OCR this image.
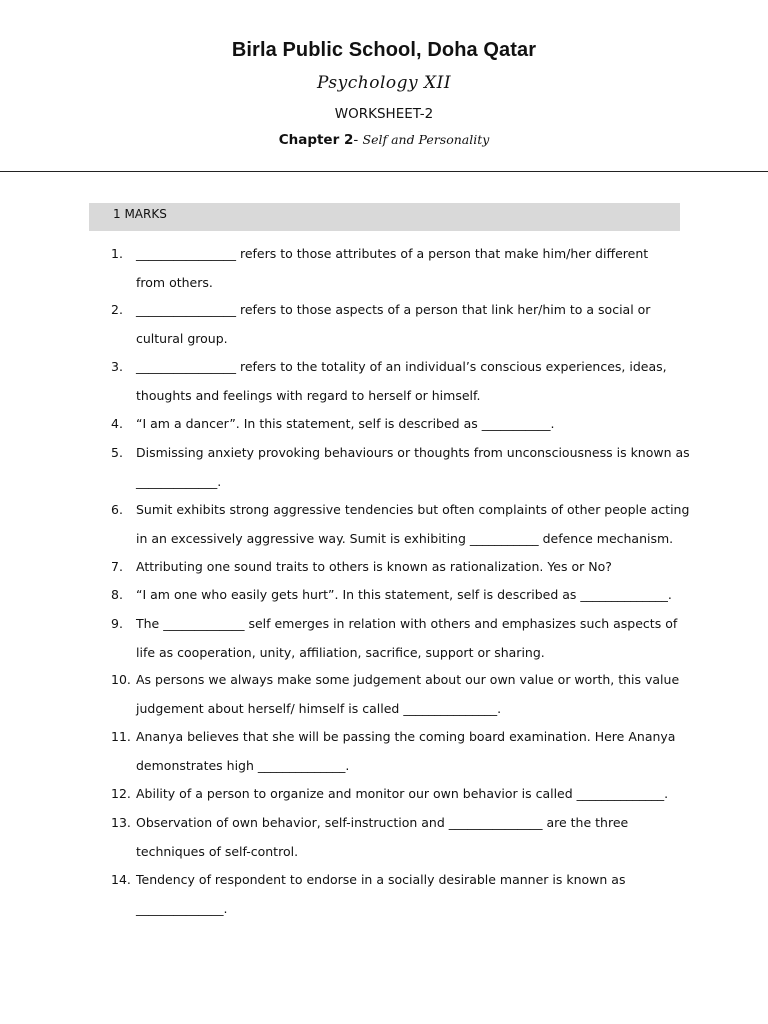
Birla Public School, Doha Qatar
Psychology XII
WORKSHEET-2
Chapter 2- Self and Personality
1 MARKS
1. ________________ refers to those attributes of a person that make him/her different
from others.
2. ________________ refers to those aspects of a person that link her/him to a social or
cultural group.
3. ________________ refers to the totality of an individual’s conscious experiences, ideas,
thoughts and feelings with regard to herself or himself.
4. “I am a dancer”. In this statement, self is described as ___________.
5. Dismissing anxiety provoking behaviours or thoughts from unconsciousness is known as
_____________.
6. Sumit exhibits strong aggressive tendencies but often complaints of other people acting
in an excessively aggressive way. Sumit is exhibiting ___________ defence mechanism.
7. Attributing one sound traits to others is known as rationalization. Yes or No?
8. “I am one who easily gets hurt”. In this statement, self is described as ______________.
9. The _____________ self emerges in relation with others and emphasizes such aspects of
life as cooperation, unity, affiliation, sacrifice, support or sharing.
10. As persons we always make some judgement about our own value or worth, this value
judgement about herself/ himself is called _______________.
11. Ananya believes that she will be passing the coming board examination. Here Ananya
demonstrates high ______________.
12. Ability of a person to organize and monitor our own behavior is called ______________.
13. Observation of own behavior, self-instruction and _______________ are the three
techniques of self-control.
14. Tendency of respondent to endorse in a socially desirable manner is known as
______________.
